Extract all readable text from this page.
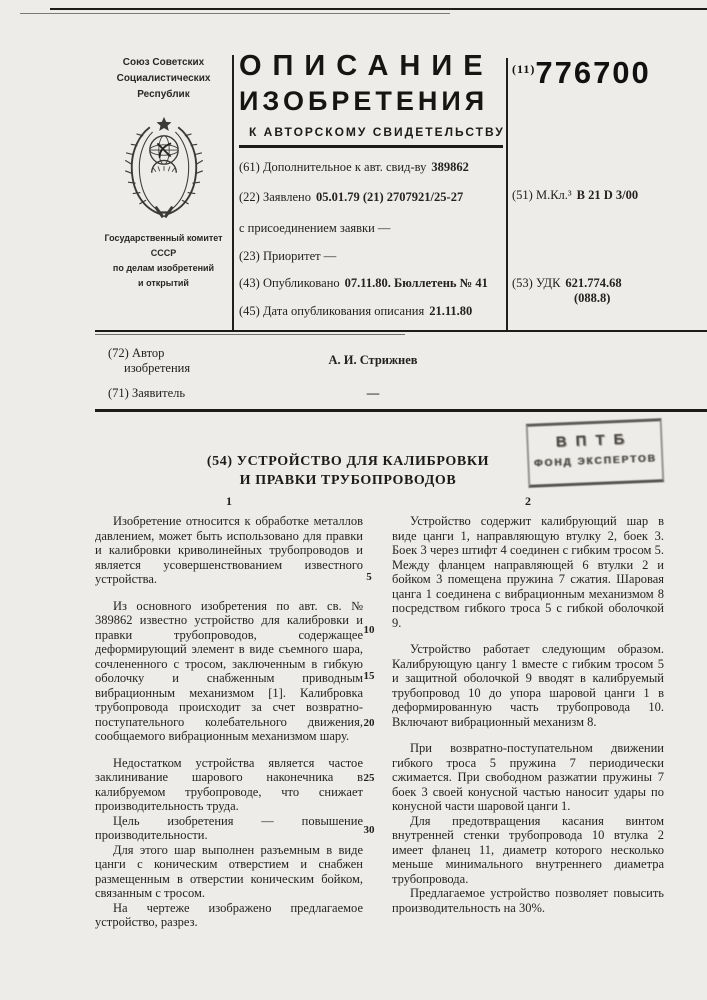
Союз Советских
Социалистических
Республик
Государственный комитет
СССР
по делам изобретений
и открытий
ОПИСАНИЕ
ИЗОБРЕТЕНИЯ
К АВТОРСКОМУ СВИДЕТЕЛЬСТВУ
(61) Дополнительное к авт. свид-ву 389862
(22) Заявлено 05.01.79 (21) 2707921/25-27
с присоединением заявки —
(23) Приоритет —
(43) Опубликовано 07.11.80. Бюллетень № 41
(45) Дата опубликования описания 21.11.80
$^{(11)}$776700
(51) М.Кл.³ В 21 D 3/00
(53) УДК 621.774.68
(088.8)
(72) Автор
изобретения
А. И. Стрижнев
(71) Заявитель	—
(54) УСТРОЙСТВО ДЛЯ КАЛИБРОВКИ
И ПРАВКИ ТРУБОПРОВОДОВ
ВПТБ
ФОНД ЭКСПЕРТОВ
1	2

Изобретение относится к обработке металлов давлением, может быть использовано для правки и калибровки криволинейных трубопроводов и является усовершенствованием известного устройства.

Из основного изобретения по авт. св. № 389862 известно устройство для калибровки и правки трубопроводов, содержащее деформирующий элемент в виде съемного шара, сочлененного с тросом, заключенным в гибкую оболочку и снабженным приводным вибрационным механизмом [1]. Калибровка трубопровода происходит за счет возвратно-поступательного колебательного движения, сообщаемого вибрационным механизмом шару.

Недостатком устройства является частое заклинивание шарового наконечника в калибруемом трубопроводе, что снижает производительность труда.

Цель изобретения — повышение производительности.

Для этого шар выполнен разъемным в виде цанги с коническим отверстием и снабжен размещенным в отверстии коническим бойком, связанным с тросом.

На чертеже изображено предлагаемое устройство, разрез.

5
10
15
20
25
30

Устройство содержит калибрующий шар в виде цанги 1, направляющую втулку 2, боек 3. Боек 3 через штифт 4 соединен с гибким тросом 5. Между фланцем направляющей 6 втулки 2 и бойком 3 помещена пружина 7 сжатия. Шаровая цанга 1 соединена с вибрационным механизмом 8 посредством гибкого троса 5 с гибкой оболочкой 9.

Устройство работает следующим образом. Калибрующую цангу 1 вместе с гибким тросом 5 и защитной оболочкой 9 вводят в калибруемый трубопровод 10 до упора шаровой цанги 1 в деформированную часть трубопровода 10. Включают вибрационный механизм 8.

При возвратно-поступательном движении гибкого троса 5 пружина 7 периодически сжимается. При свободном разжатии пружины 7 боек 3 своей конусной частью наносит удары по конусной части шаровой цанги 1.

Для предотвращения касания винтом внутренней стенки трубопровода 10 втулка 2 имеет фланец 11, диаметр которого несколько меньше минимального внутреннего диаметра трубопровода.

Предлагаемое устройство позволяет повысить производительность на 30%.
